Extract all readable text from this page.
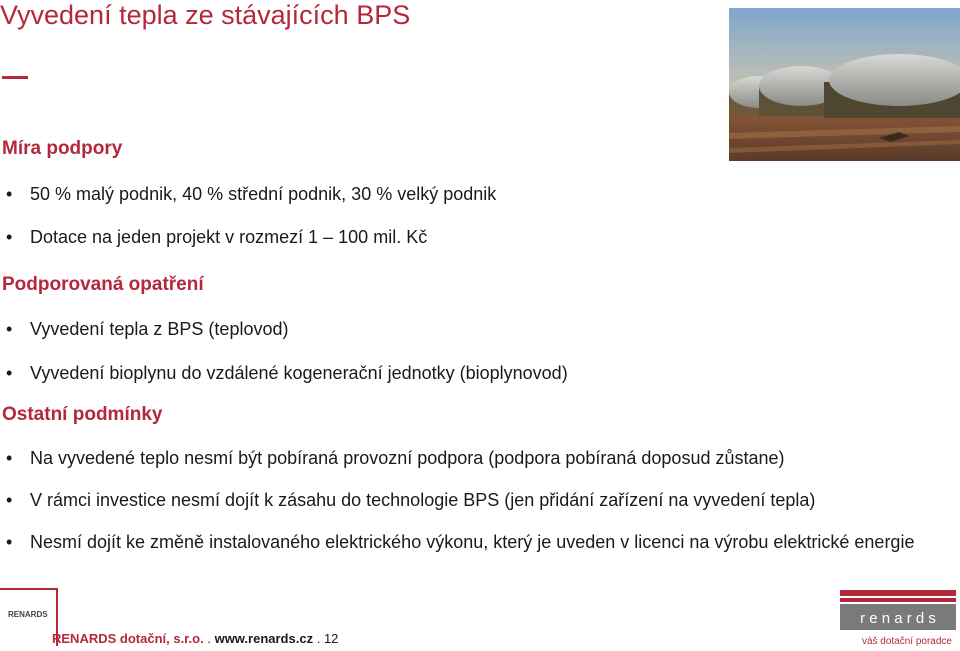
Vyvedení tepla ze stávajících BPS
Míra podpory
• 50 % malý podnik, 40 % střední podnik, 30 % velký podnik
• Dotace na jeden projekt v rozmezí 1 – 100 mil. Kč
Podporovaná opatření
• Vyvedení tepla z BPS (teplovod)
• Vyvedení bioplynu do vzdálené kogenerační jednotky (bioplynovod)
Ostatní podmínky
• Na vyvedené teplo nesmí být pobíraná provozní podpora (podpora pobíraná doposud zůstane)
• V rámci investice nesmí dojít k zásahu do technologie BPS (jen přidání zařízení na vyvedení tepla)
• Nesmí dojít ke změně instalovaného elektrického výkonu, který je uveden v licenci na výrobu elektrické energie
RENARDS
RENARDS dotační, s.r.o. . www.renards.cz . 12
r e n a r d s
váš dotační poradce
